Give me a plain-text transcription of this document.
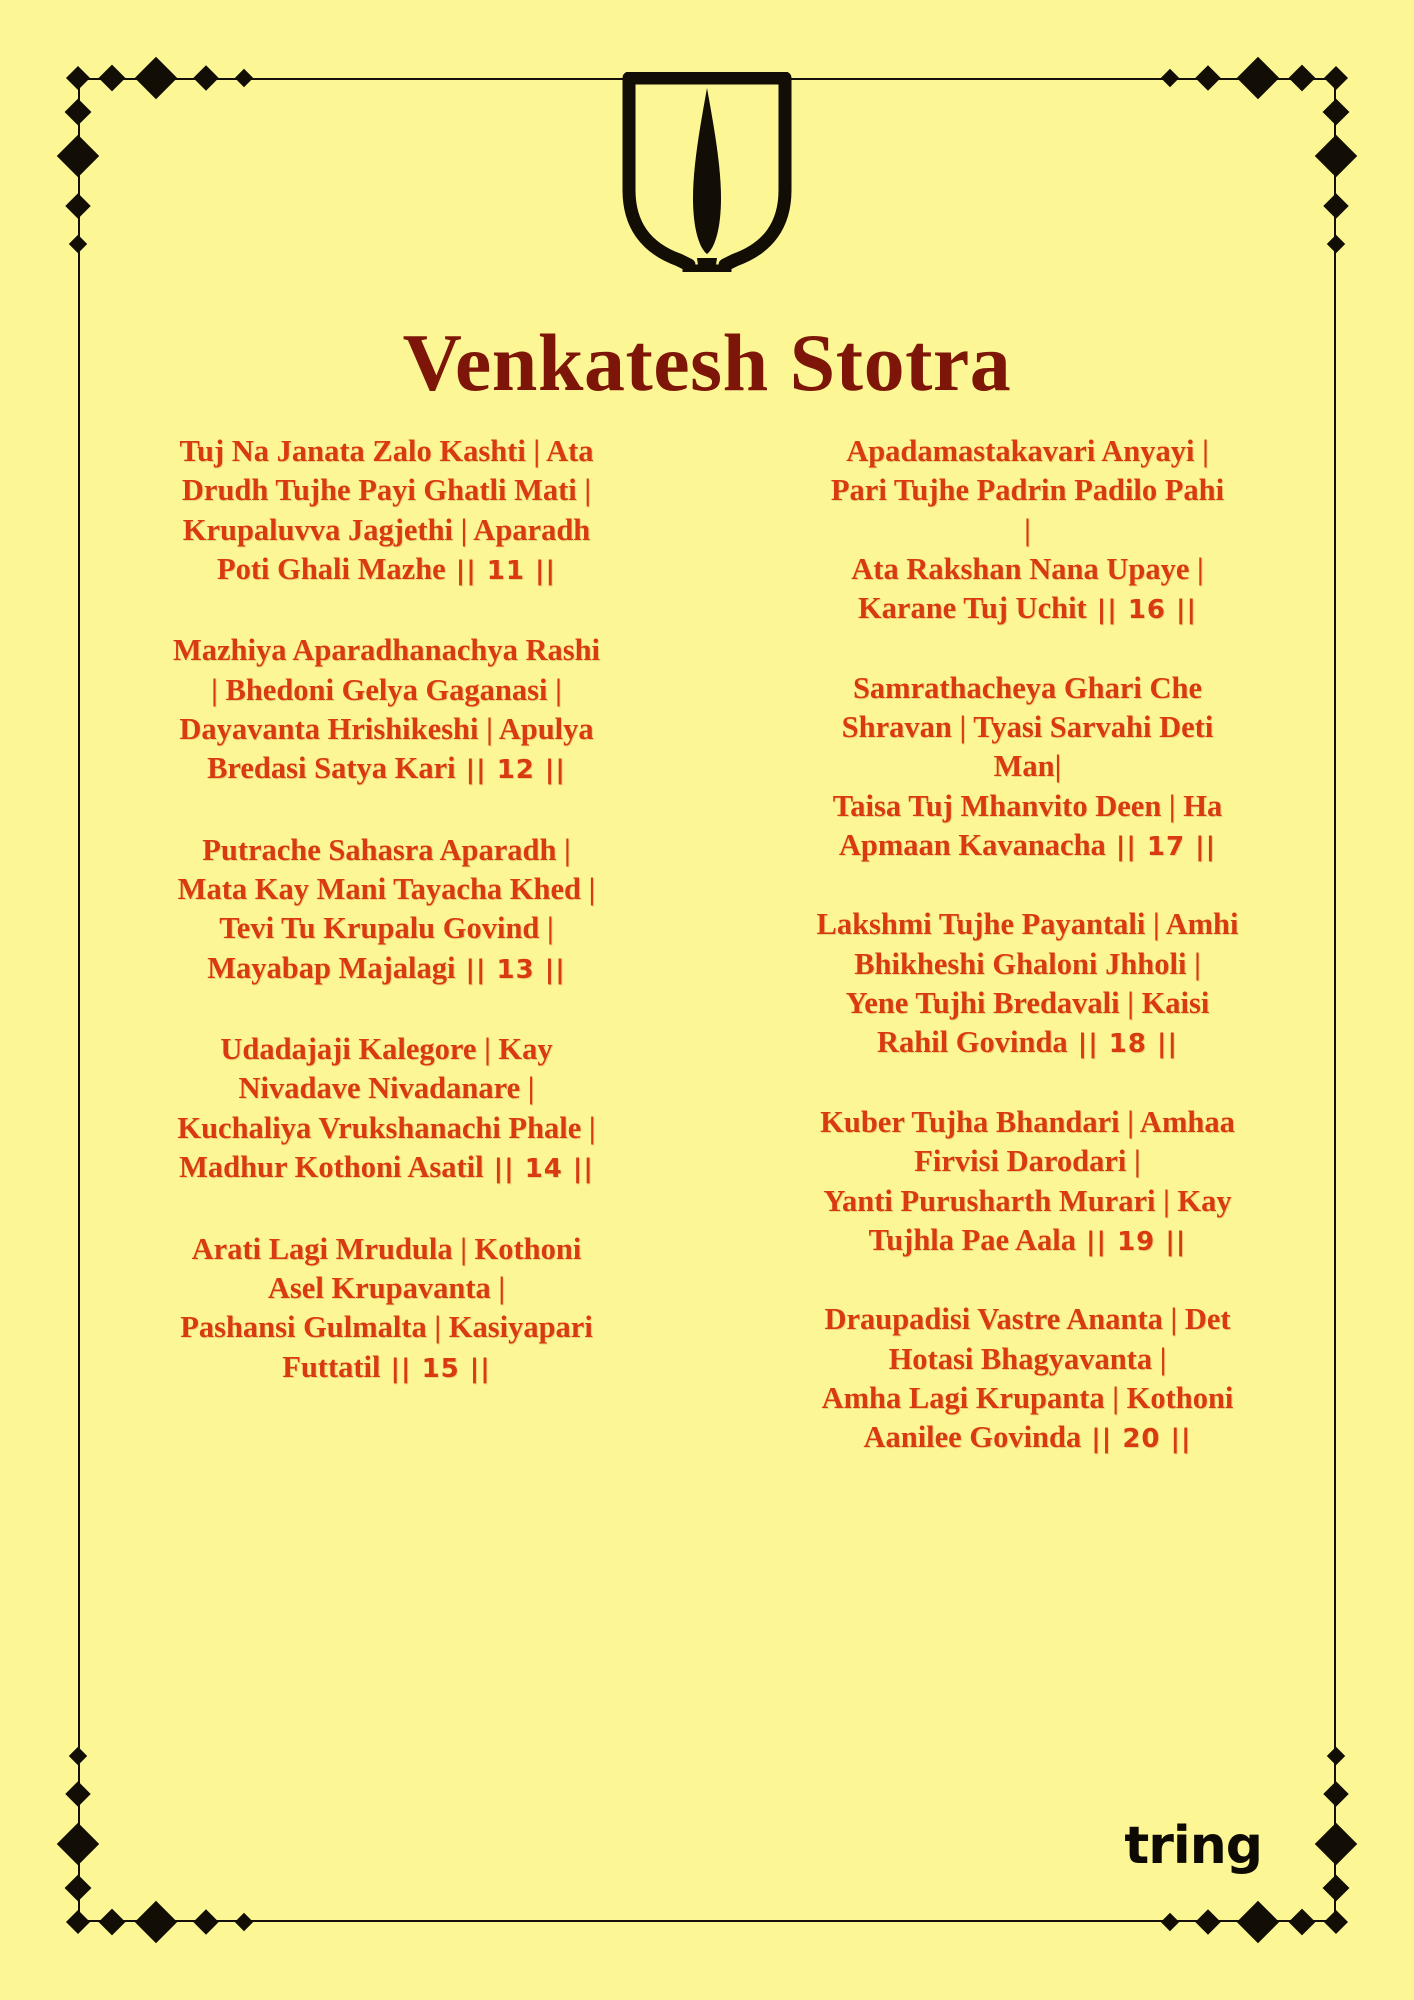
Venkatesh Stotra
Tuj Na Janata Zalo Kashti | Ata
Drudh Tujhe Payi Ghatli Mati |
Krupaluvva Jagjethi | Aparadh
Poti Ghali Mazhe || 11 ||
Mazhiya Aparadhanachya Rashi
| Bhedoni Gelya Gaganasi |
Dayavanta Hrishikeshi | Apulya
Bredasi Satya Kari || 12 ||
Putrache Sahasra Aparadh |
Mata Kay Mani Tayacha Khed |
Tevi Tu Krupalu Govind |
Mayabap Majalagi || 13 ||
Udadajaji Kalegore | Kay
Nivadave Nivadanare |
Kuchaliya Vrukshanachi Phale |
Madhur Kothoni Asatil || 14 ||
Arati Lagi Mrudula | Kothoni
Asel Krupavanta |
Pashansi Gulmalta | Kasiyapari
Futtatil || 15 ||
Apadamastakavari Anyayi |
Pari Tujhe Padrin Padilo Pahi
|
Ata Rakshan Nana Upaye |
Karane Tuj Uchit || 16 ||
Samrathacheya Ghari Che
Shravan | Tyasi Sarvahi Deti
Man|
Taisa Tuj Mhanvito Deen | Ha
Apmaan Kavanacha || 17 ||
Lakshmi Tujhe Payantali | Amhi
Bhikheshi Ghaloni Jhholi |
Yene Tujhi Bredavali | Kaisi
Rahil Govinda || 18 ||
Kuber Tujha Bhandari | Amhaa
Firvisi Darodari |
Yanti Purusharth Murari | Kay
Tujhla Pae Aala || 19 ||
Draupadisi Vastre Ananta | Det
Hotasi Bhagyavanta |
Amha Lagi Krupanta | Kothoni
Aanilee Govinda || 20 ||
tring
